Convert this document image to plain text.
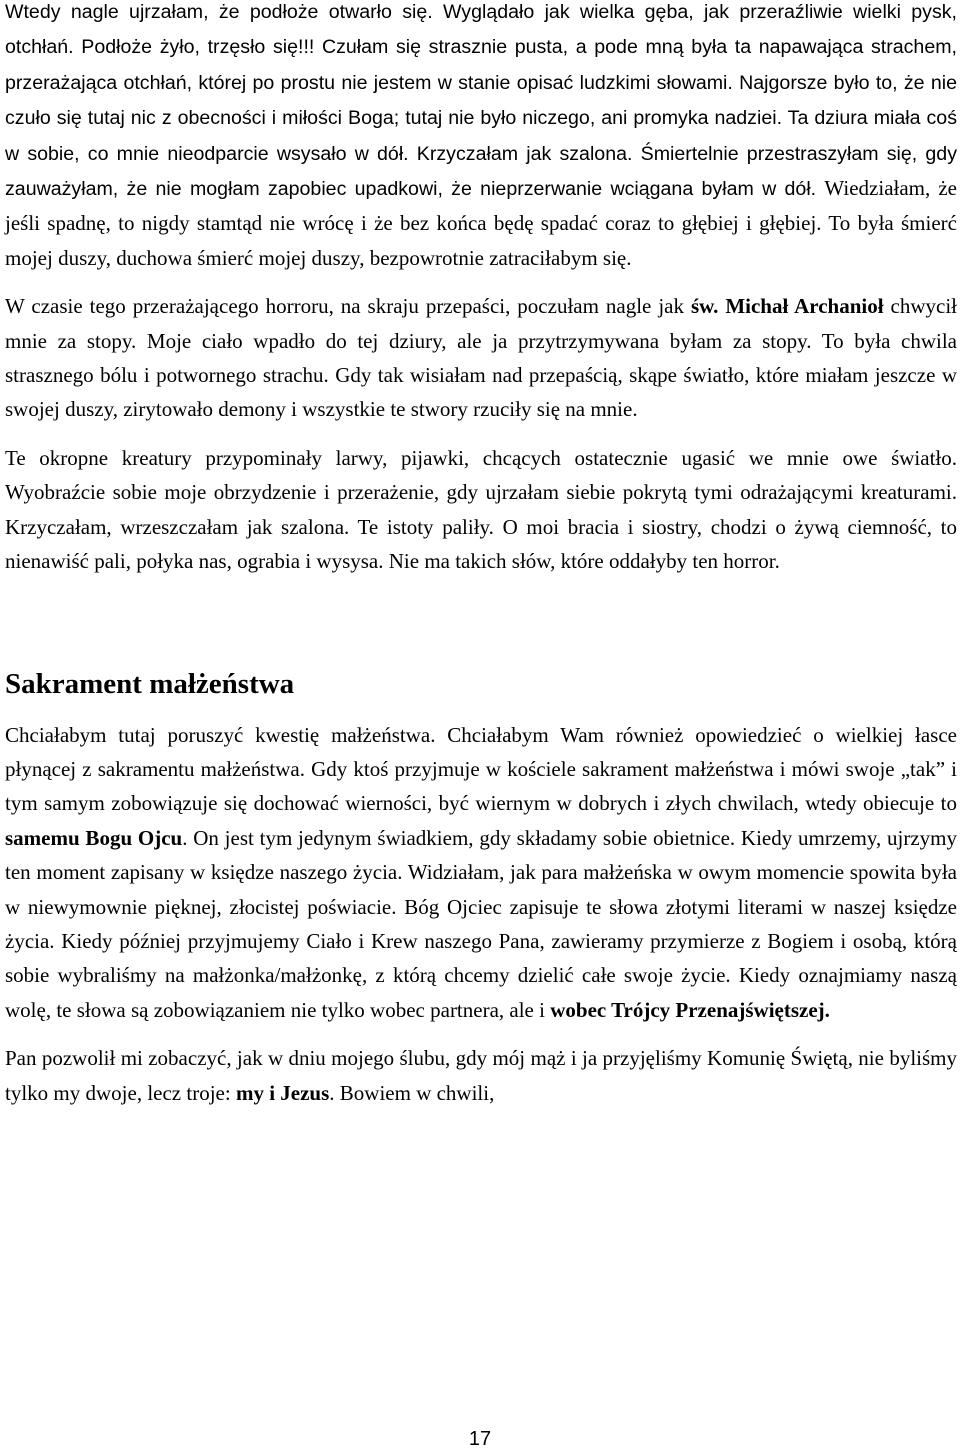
Wtedy nagle ujrzałam, że podłoże otwarło się. Wyglądało jak wielka gęba, jak przeraźliwie wielki pysk, otchłań. Podłoże żyło, trzęsło się!!! Czułam się strasznie pusta, a pode mną była ta napawająca strachem, przerażająca otchłań, której po prostu nie jestem w stanie opisać ludzkimi słowami. Najgorsze było to, że nie czuło się tutaj nic z obecności i miłości Boga; tutaj nie było niczego, ani promyka nadziei. Ta dziura miała coś w sobie, co mnie nieodparcie wsysało w dół. Krzyczałam jak szalona. Śmiertelnie przestraszyłam się, gdy zauważyłam, że nie mogłam zapobiec upadkowi, że nieprzerwanie wciągana byłam w dół. Wiedziałam, że jeśli spadnę, to nigdy stamtąd nie wrócę i że bez końca będę spadać coraz to głębiej i głębiej. To była śmierć mojej duszy, duchowa śmierć mojej duszy, bezpowrotnie zatraciłabym się.

W czasie tego przerażającego horroru, na skraju przepaści, poczułam nagle jak św. Michał Archanioł chwycił mnie za stopy. Moje ciało wpadło do tej dziury, ale ja przytrzymywana byłam za stopy. To była chwila strasznego bólu i potwornego strachu. Gdy tak wisiałam nad przepaścią, skąpe światło, które miałam jeszcze w swojej duszy, zirytowało demony i wszystkie te stwory rzuciły się na mnie.

Te okropne kreatury przypominały larwy, pijawki, chcących ostatecznie ugasić we mnie owe światło. Wyobraźcie sobie moje obrzydzenie i przerażenie, gdy ujrzałam siebie pokrytą tymi odrażającymi kreaturami. Krzyczałam, wrzeszczałam jak szalona. Te istoty paliły. O moi bracia i siostry, chodzi o żywą ciemność, to nienawiść pali, połyka nas, ograbia i wysysa. Nie ma takich słów, które oddałyby ten horror.

Sakrament małżeństwa

Chciałabym tutaj poruszyć kwestię małżeństwa. Chciałabym Wam również opowiedzieć o wielkiej łasce płynącej z sakramentu małżeństwa. Gdy ktoś przyjmuje w kościele sakrament małżeństwa i mówi swoje „tak” i tym samym zobowiązuje się dochować wierności, być wiernym w dobrych i złych chwilach, wtedy obiecuje to samemu Bogu Ojcu. On jest tym jedynym świadkiem, gdy składamy sobie obietnice. Kiedy umrzemy, ujrzymy ten moment zapisany w księdze naszego życia. Widziałam, jak para małżeńska w owym momencie spowita była w niewymownie pięknej, złocistej poświacie. Bóg Ojciec zapisuje te słowa złotymi literami w naszej księdze życia. Kiedy później przyjmujemy Ciało i Krew naszego Pana, zawieramy przymierze z Bogiem i osobą, którą sobie wybraliśmy na małżonka/małżonkę, z którą chcemy dzielić całe swoje życie. Kiedy oznajmiamy naszą wolę, te słowa są zobowiązaniem nie tylko wobec partnera, ale i wobec Trójcy Przenajświętszej.

Pan pozwolił mi zobaczyć, jak w dniu mojego ślubu, gdy mój mąż i ja przyjęliśmy Komunię Świętą, nie byliśmy tylko my dwoje, lecz troje: my i Jezus. Bowiem w chwili,

17
